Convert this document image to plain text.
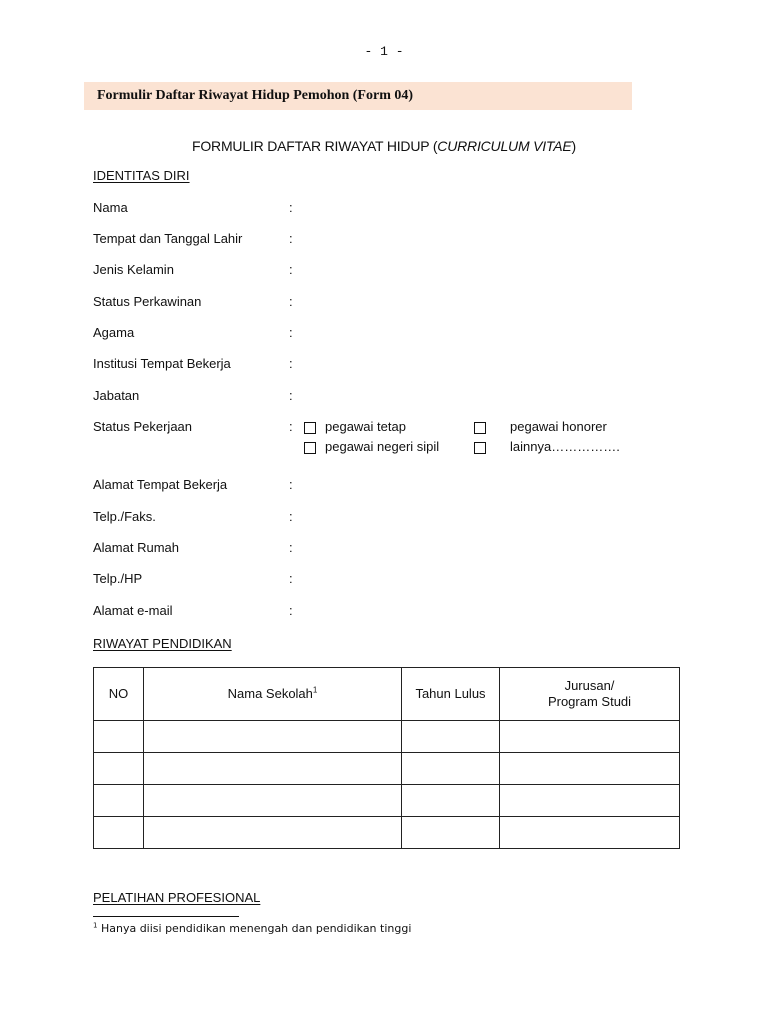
- 1 -
Formulir Daftar Riwayat Hidup Pemohon (Form 04)
FORMULIR DAFTAR RIWAYAT HIDUP (CURRICULUM VITAE)
IDENTITAS DIRI
Nama	:
Tempat dan Tanggal Lahir	:
Jenis Kelamin	:
Status Perkawinan	:
Agama	:
Institusi Tempat Bekerja	:
Jabatan	:
Status Pekerjaan	: pegawai tetap	pegawai honorer
pegawai negeri sipil	lainnya…………….
Alamat Tempat Bekerja	:
Telp./Faks.	:
Alamat Rumah	:
Telp./HP	:
Alamat e-mail	:
RIWAYAT PENDIDIKAN
NO	Nama Sekolah$^1$	Tahun Lulus	Jurusan/
Program Studi

PELATIHAN PROFESIONAL
$^1$ Hanya diisi pendidikan menengah dan pendidikan tinggi
